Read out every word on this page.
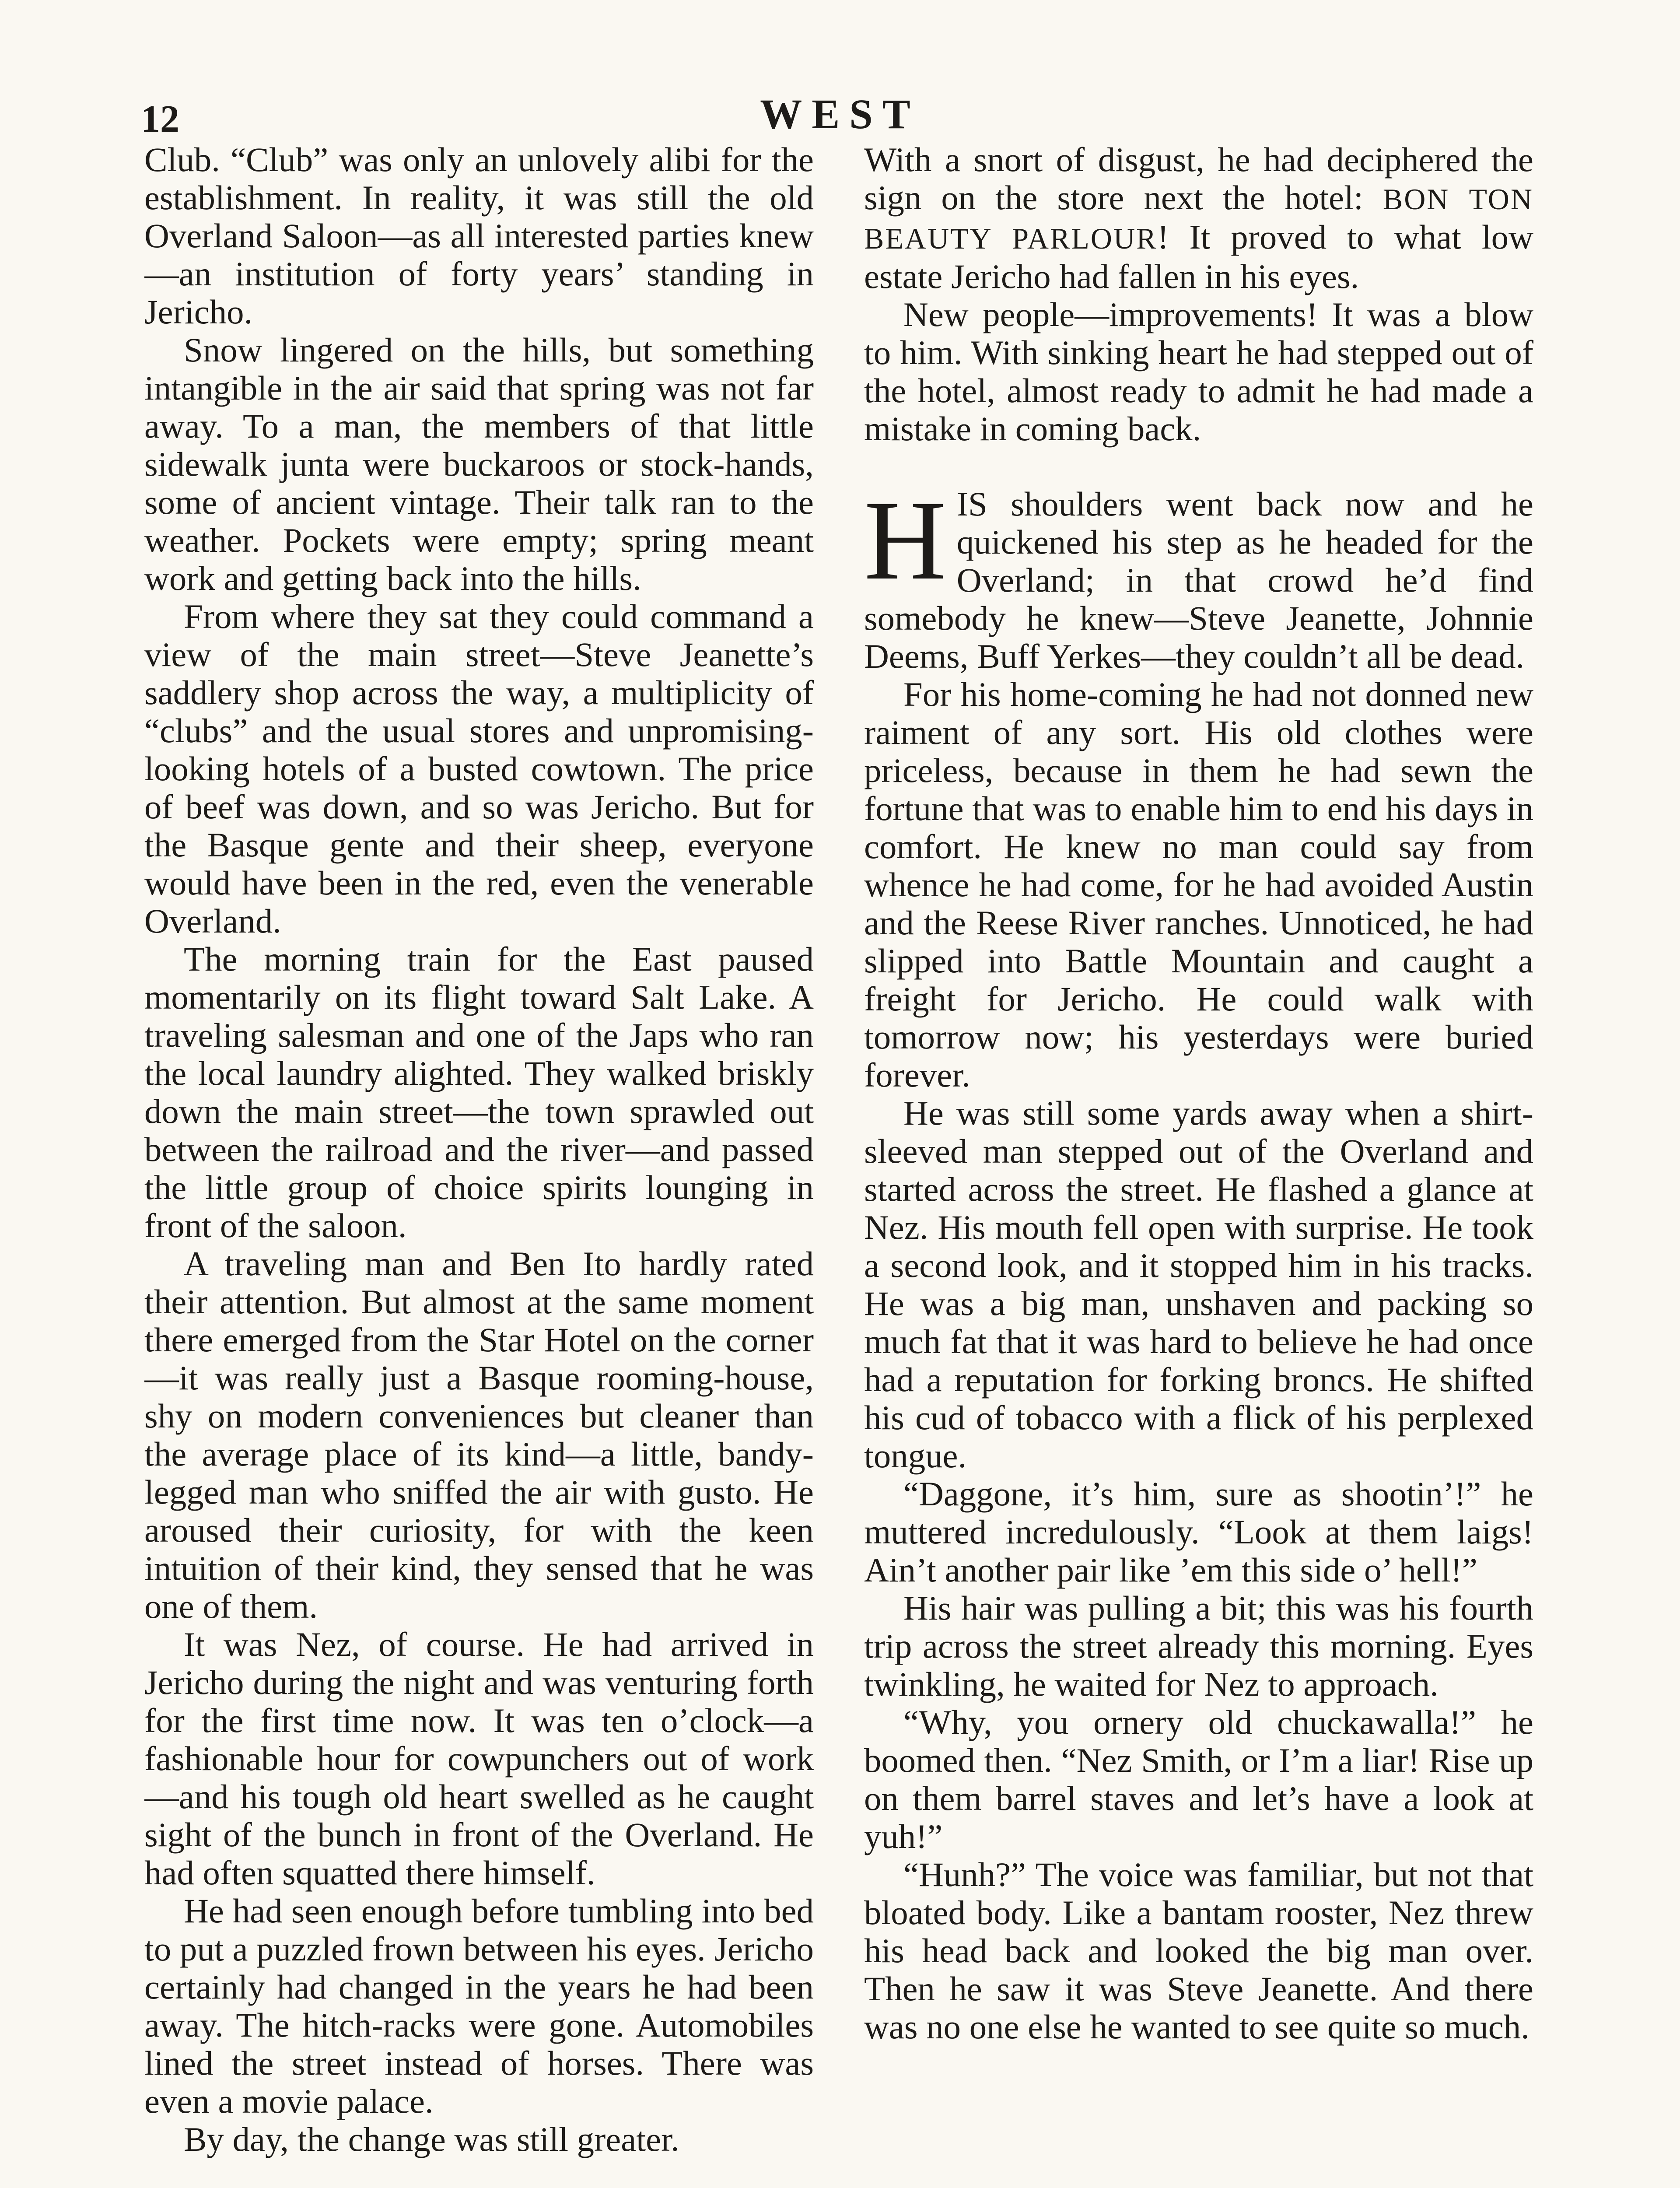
12	WEST

Club. “Club” was only an unlovely alibi for the establishment. In reality, it was still the old Overland Saloon—as all interested parties knew—an institution of forty years’ standing in Jericho.

Snow lingered on the hills, but something intangible in the air said that spring was not far away. To a man, the members of that little sidewalk junta were buckaroos or stock-hands, some of ancient vintage. Their talk ran to the weather. Pockets were empty; spring meant work and getting back into the hills.

From where they sat they could command a view of the main street—Steve Jeanette’s saddlery shop across the way, a multiplicity of “clubs” and the usual stores and unpromising-looking hotels of a busted cowtown. The price of beef was down, and so was Jericho. But for the Basque gente and their sheep, everyone would have been in the red, even the venerable Overland.

The morning train for the East paused momentarily on its flight toward Salt Lake. A traveling salesman and one of the Japs who ran the local laundry alighted. They walked briskly down the main street—the town sprawled out between the railroad and the river—and passed the little group of choice spirits lounging in front of the saloon.

A traveling man and Ben Ito hardly rated their attention. But almost at the same moment there emerged from the Star Hotel on the corner—it was really just a Basque rooming-house, shy on modern conveniences but cleaner than the average place of its kind—a little, bandy-legged man who sniffed the air with gusto. He aroused their curiosity, for with the keen intuition of their kind, they sensed that he was one of them.

It was Nez, of course. He had arrived in Jericho during the night and was venturing forth for the first time now. It was ten o’clock—a fashionable hour for cowpunchers out of work—and his tough old heart swelled as he caught sight of the bunch in front of the Overland. He had often squatted there himself.

He had seen enough before tumbling into bed to put a puzzled frown between his eyes. Jericho certainly had changed in the years he had been away. The hitch-racks were gone. Automobiles lined the street instead of horses. There was even a movie palace.

By day, the change was still greater.

With a snort of disgust, he had deciphered the sign on the store next the hotel: BON TON BEAUTY PARLOUR! It proved to what low estate Jericho had fallen in his eyes.

New people—improvements! It was a blow to him. With sinking heart he had stepped out of the hotel, almost ready to admit he had made a mistake in coming back.

HIS shoulders went back now and he quickened his step as he headed for the Overland; in that crowd he’d find somebody he knew—Steve Jeanette, Johnnie Deems, Buff Yerkes—they couldn’t all be dead.

For his home-coming he had not donned new raiment of any sort. His old clothes were priceless, because in them he had sewn the fortune that was to enable him to end his days in comfort. He knew no man could say from whence he had come, for he had avoided Austin and the Reese River ranches. Unnoticed, he had slipped into Battle Mountain and caught a freight for Jericho. He could walk with tomorrow now; his yesterdays were buried forever.

He was still some yards away when a shirt-sleeved man stepped out of the Overland and started across the street. He flashed a glance at Nez. His mouth fell open with surprise. He took a second look, and it stopped him in his tracks. He was a big man, unshaven and packing so much fat that it was hard to believe he had once had a reputation for forking broncs. He shifted his cud of tobacco with a flick of his perplexed tongue.

“Daggone, it’s him, sure as shootin’!” he muttered incredulously. “Look at them laigs! Ain’t another pair like ’em this side o’ hell!”

His hair was pulling a bit; this was his fourth trip across the street already this morning. Eyes twinkling, he waited for Nez to approach.

“Why, you ornery old chuckawalla!” he boomed then. “Nez Smith, or I’m a liar! Rise up on them barrel staves and let’s have a look at yuh!”

“Hunh?” The voice was familiar, but not that bloated body. Like a bantam rooster, Nez threw his head back and looked the big man over. Then he saw it was Steve Jeanette. And there was no one else he wanted to see quite so much.
